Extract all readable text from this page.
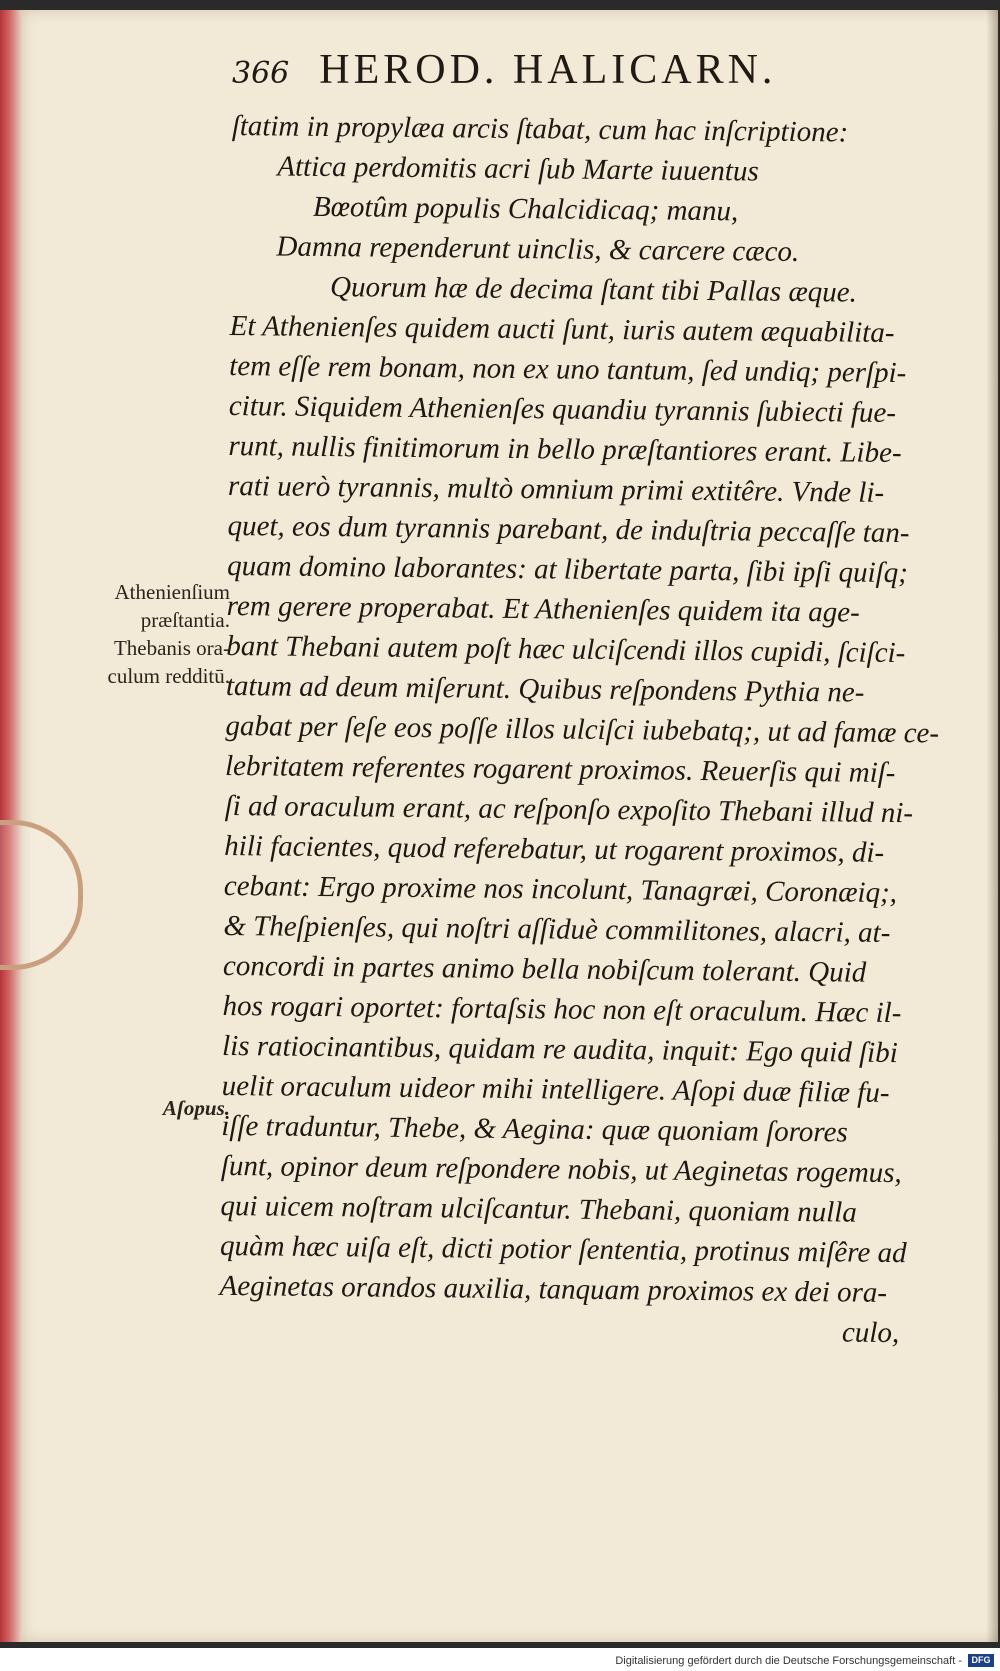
366 HEROD. HALICARN.
ſtatim in propylæa arcis ſtabat, cum hac inſcriptione:
Attica perdomitis acri ſub Marte iuuentus
Bœotûm populis Chalcidicaq; manu,
Damna rependerunt uinclis, & carcere cæco.
Quorum hæ de decima ſtant tibi Pallas æque.
Et Athenienſes quidem aucti ſunt, iuris autem æquabilita-
tem eſſe rem bonam, non ex uno tantum, ſed undiq; perſpi-
citur. Siquidem Athenienſes quandiu tyrannis ſubiecti fue-
runt, nullis finitimorum in bello præſtantiores erant. Libe-
rati uerò tyrannis, multò omnium primi extitêre. Vnde li-
quet, eos dum tyrannis parebant, de induſtria peccaſſe tan-
quam domino laborantes: at libertate parta, ſibi ipſi quiſq;
rem gerere properabat. Et Athenienſes quidem ita age-
bant Thebani autem poſt hæc ulciſcendi illos cupidi, ſciſci-
tatum ad deum miſerunt. Quibus reſpondens Pythia ne-
gabat per ſeſe eos poſſe illos ulciſci iubebatq;, ut ad famæ ce-
lebritatem referentes rogarent proximos. Reuerſis qui miſ-
ſi ad oraculum erant, ac reſponſo expoſito Thebani illud ni-
hili facientes, quod referebatur, ut rogarent proximos, di-
cebant: Ergo proxime nos incolunt, Tanagræi, Coronæiq;,
& Theſpienſes, qui noſtri aſſiduè commilitones, alacri, at-
concordi in partes animo bella nobiſcum tolerant. Quid
hos rogari oportet: fortaſsis hoc non eſt oraculum. Hæc il-
lis ratiocinantibus, quidam re audita, inquit: Ego quid ſibi
uelit oraculum uideor mihi intelligere. Aſopi duæ filiæ fu-
iſſe traduntur, Thebe, & Aegina: quæ quoniam ſorores
ſunt, opinor deum reſpondere nobis, ut Aeginetas rogemus,
qui uicem noſtram ulciſcantur. Thebani, quoniam nulla
quàm hæc uiſa eſt, dicti potior ſententia, protinus miſêre ad
Aeginetas orandos auxilia, tanquam proximos ex dei ora-
culo,
Athenienſium
præſtantia.
Thebanis ora-
culum redditū.
Aſopus.
Digitalisierung gefördert durch die Deutsche Forschungsgemeinschaft -	DFG
